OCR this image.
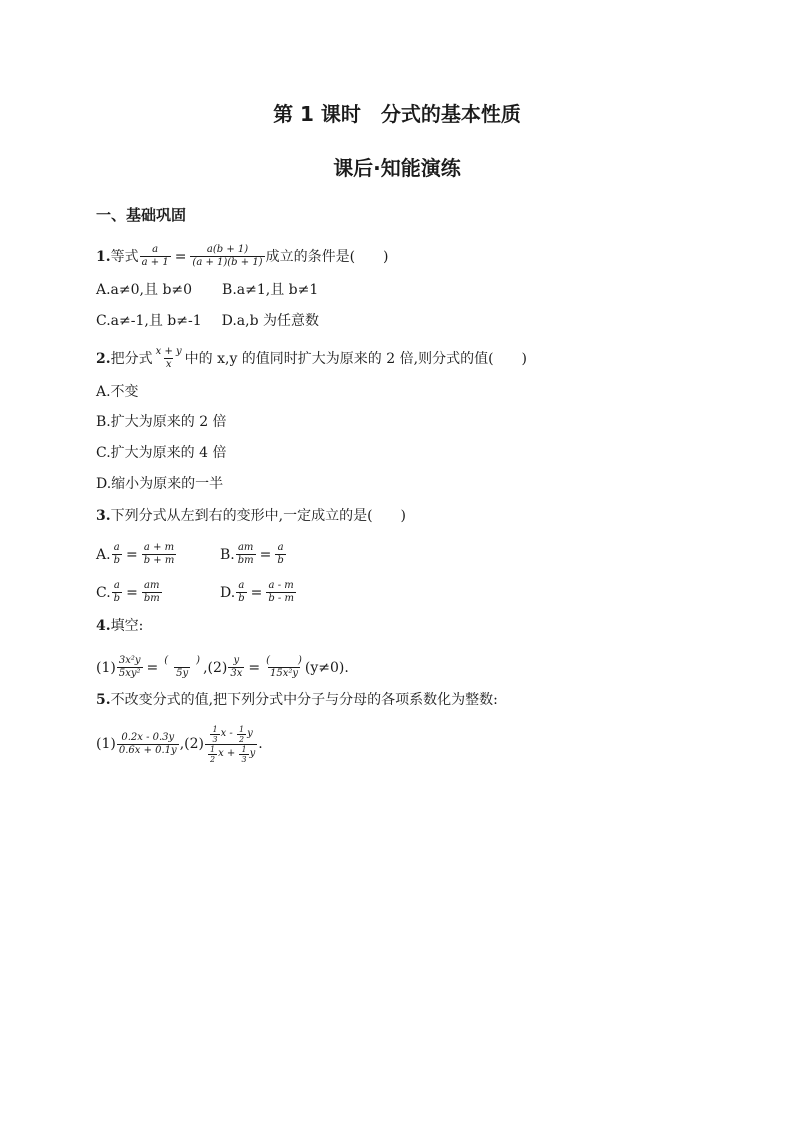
第 1 课时　分式的基本性质
课后·知能演练
一、基础巩固
1. 等式 $\frac{a}{a + 1} = \frac{a(b + 1)}{(a + 1)(b + 1)}$ 成立的条件是(　　)
A.a≠0,且 b≠0 B.a≠1,且 b≠1
C.a≠-1,且 b≠-1 D.a,b 为任意数
2. 把分式 $\frac{x + y}{x}$ 中的 x,y 的值同时扩大为原来的 2 倍,则分式的值(　　)
A.不变
B.扩大为原来的 2 倍
C.扩大为原来的 4 倍
D.缩小为原来的一半
3. 下列分式从左到右的变形中,一定成立的是(　　)
A. $\frac{a}{b} = \frac{a + m}{b + m}$	B. $\frac{am}{bm} = \frac{a}{b}$
C. $\frac{a}{b} = \frac{am}{bm}$	D. $\frac{a}{b} = \frac{a - m}{b - m}$
4. 填空:
$(1) \frac{\text{3x²y}}{\text{5xy²}}$ = (	)
5y , $(2) \frac{y}{3x}$ = (	)
15x²y (y≠0).
5. 不改变分式的值,把下列分式中分子与分母的各项系数化为整数:
$(1) \frac{0.2x - 0.3y}{0.6x + 0.1y}$ , $(2) \frac{\frac{1}{3} x - \frac{1}{2} y}{\frac{1}{2} x + \frac{1}{3} y}$ .
